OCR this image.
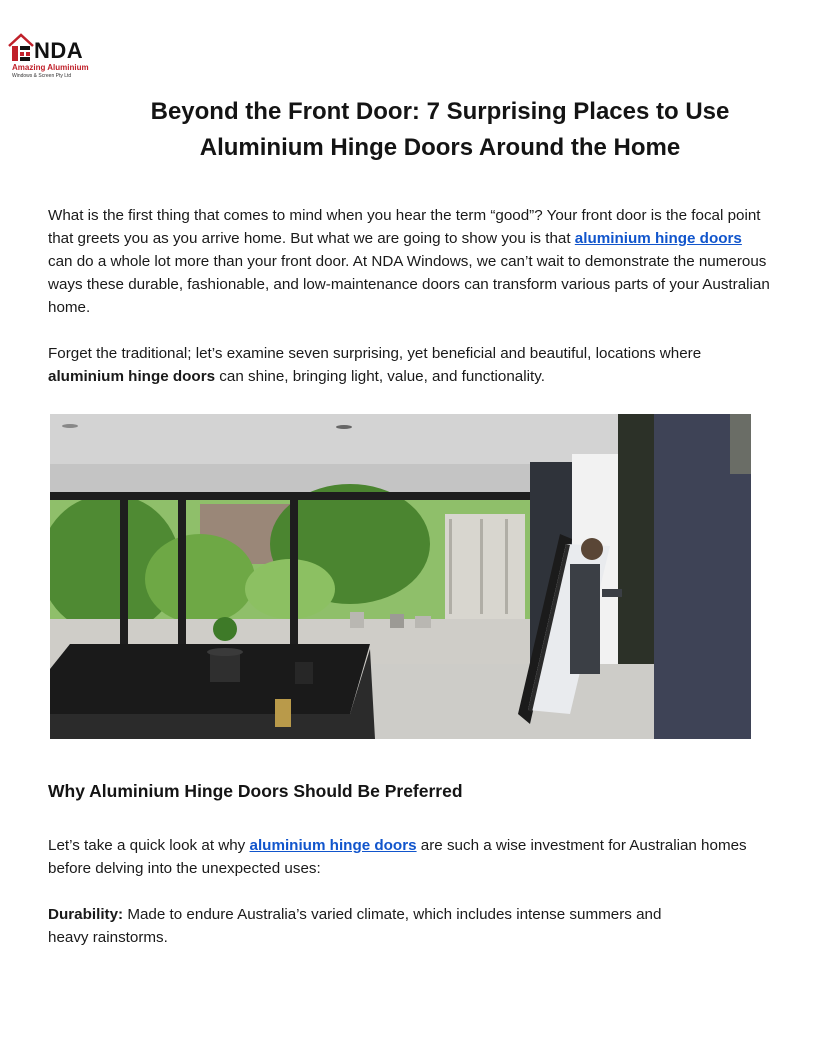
NDA
Amazing Aluminium
Windows & Screen Pty Ltd
Beyond the Front Door: 7 Surprising Places to Use
Aluminium Hinge Doors Around the Home

What is the first thing that comes to mind when you hear the term “good”? Your front door is the focal point that greets you as you arrive home. But what we are going to show you is that aluminium hinge doors can do a whole lot more than your front door. At NDA Windows, we can’t wait to demonstrate the numerous ways these durable, fashionable, and low-maintenance doors can transform various parts of your Australian home.

Forget the traditional; let’s examine seven surprising, yet beneficial and beautiful, locations where aluminium hinge doors can shine, bringing light, value, and functionality.

Why Aluminium Hinge Doors Should Be Preferred

Let’s take a quick look at why aluminium hinge doors are such a wise investment for Australian homes before delving into the unexpected uses:

Durability: Made to endure Australia’s varied climate, which includes intense summers and heavy rainstorms.
